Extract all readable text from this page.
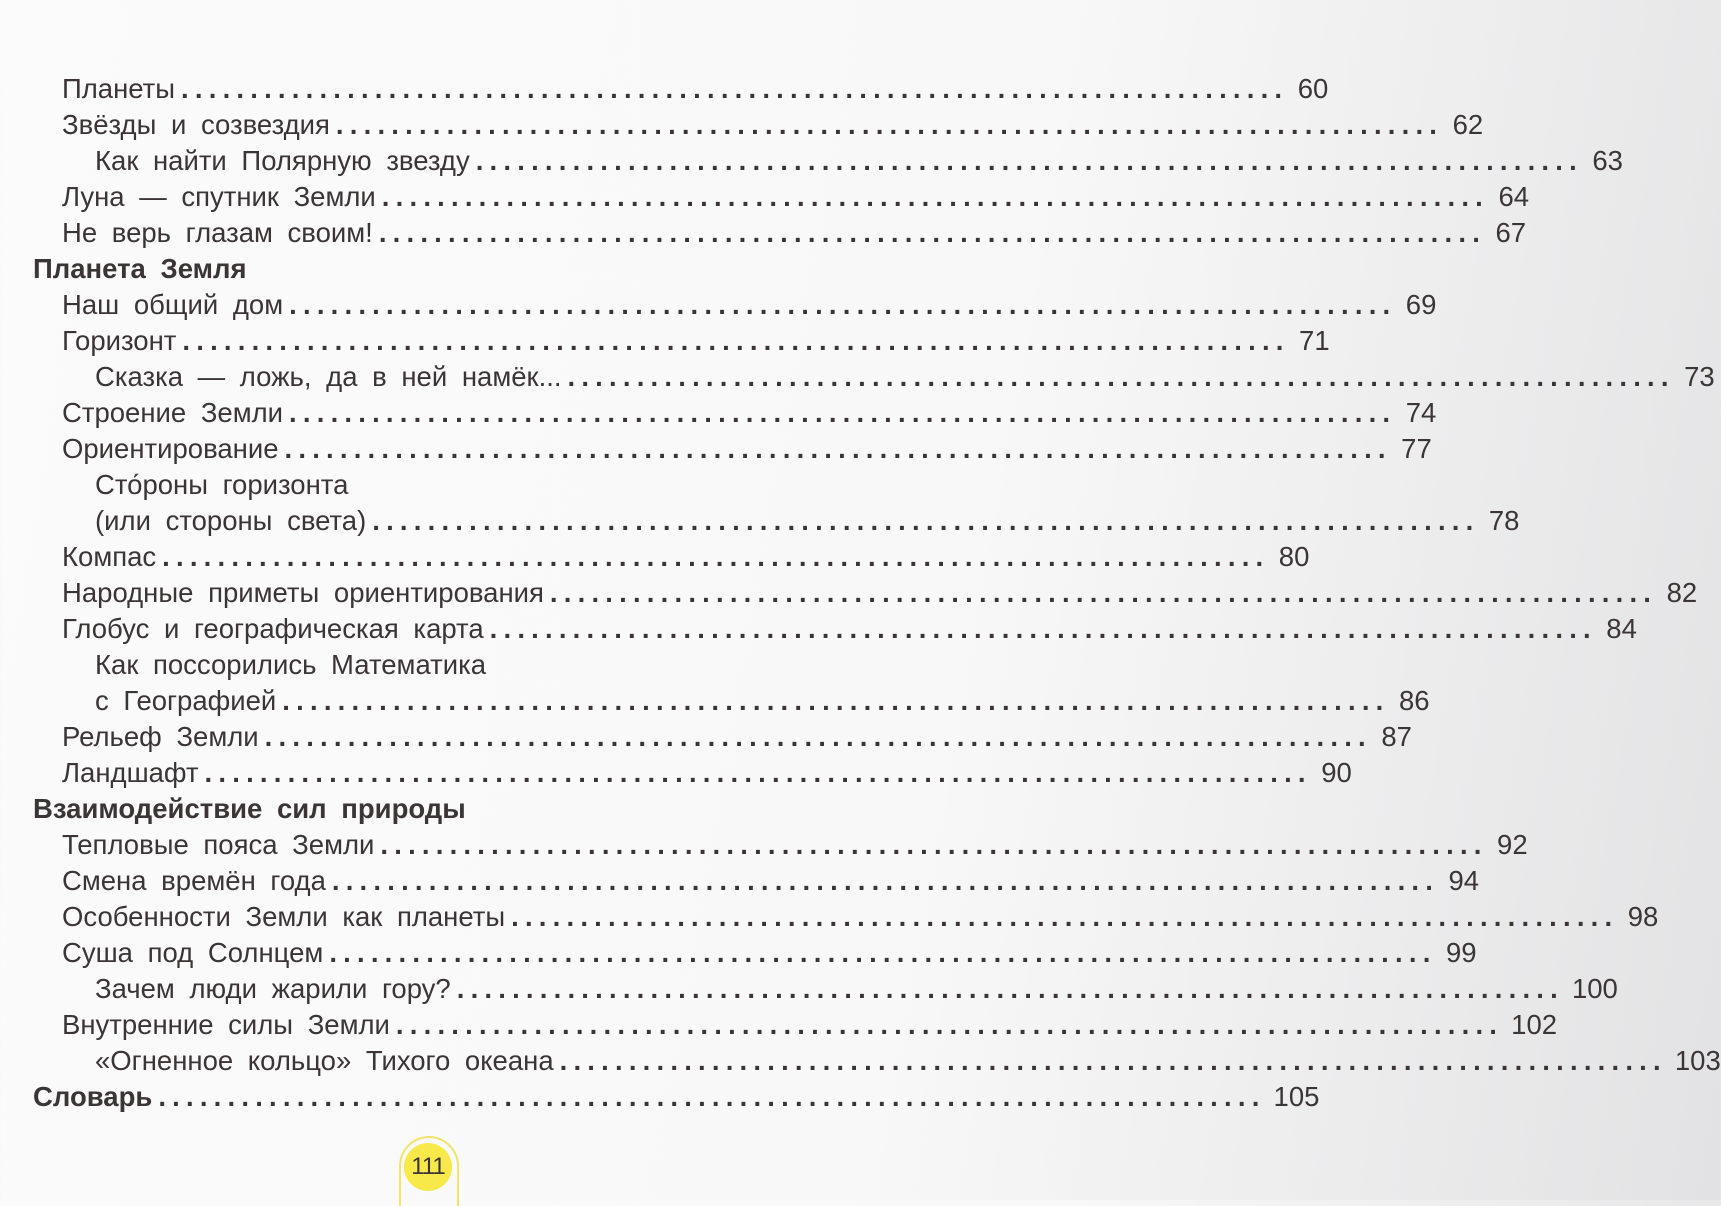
Планеты ................................................................................ 60
Звёзды и созвездия ................................................................................ 62
Как найти Полярную звезду ................................................................................ 63
Луна — спутник Земли ................................................................................ 64
Не верь глазам своим! ................................................................................ 67
Планета Земля
Наш общий дом ................................................................................ 69
Горизонт ................................................................................ 71
Сказка — ложь, да в ней намёк... ................................................................................ 73
Строение Земли ................................................................................ 74
Ориентирование ................................................................................ 77
Сто́роны горизонта
(или стороны света) ................................................................................ 78
Компас ................................................................................ 80
Народные приметы ориентирования ................................................................................ 82
Глобус и географическая карта ................................................................................ 84
Как поссорились Математика
с Географией ................................................................................ 86
Рельеф Земли ................................................................................ 87
Ландшафт ................................................................................ 90
Взаимодействие сил природы
Тепловые пояса Земли ................................................................................ 92
Смена времён года ................................................................................ 94
Особенности Земли как планеты ................................................................................ 98
Суша под Солнцем ................................................................................ 99
Зачем люди жарили гору? ................................................................................ 100
Внутренние силы Земли ................................................................................ 102
«Огненное кольцо» Тихого океана ................................................................................ 103
Словарь ................................................................................ 105
111
